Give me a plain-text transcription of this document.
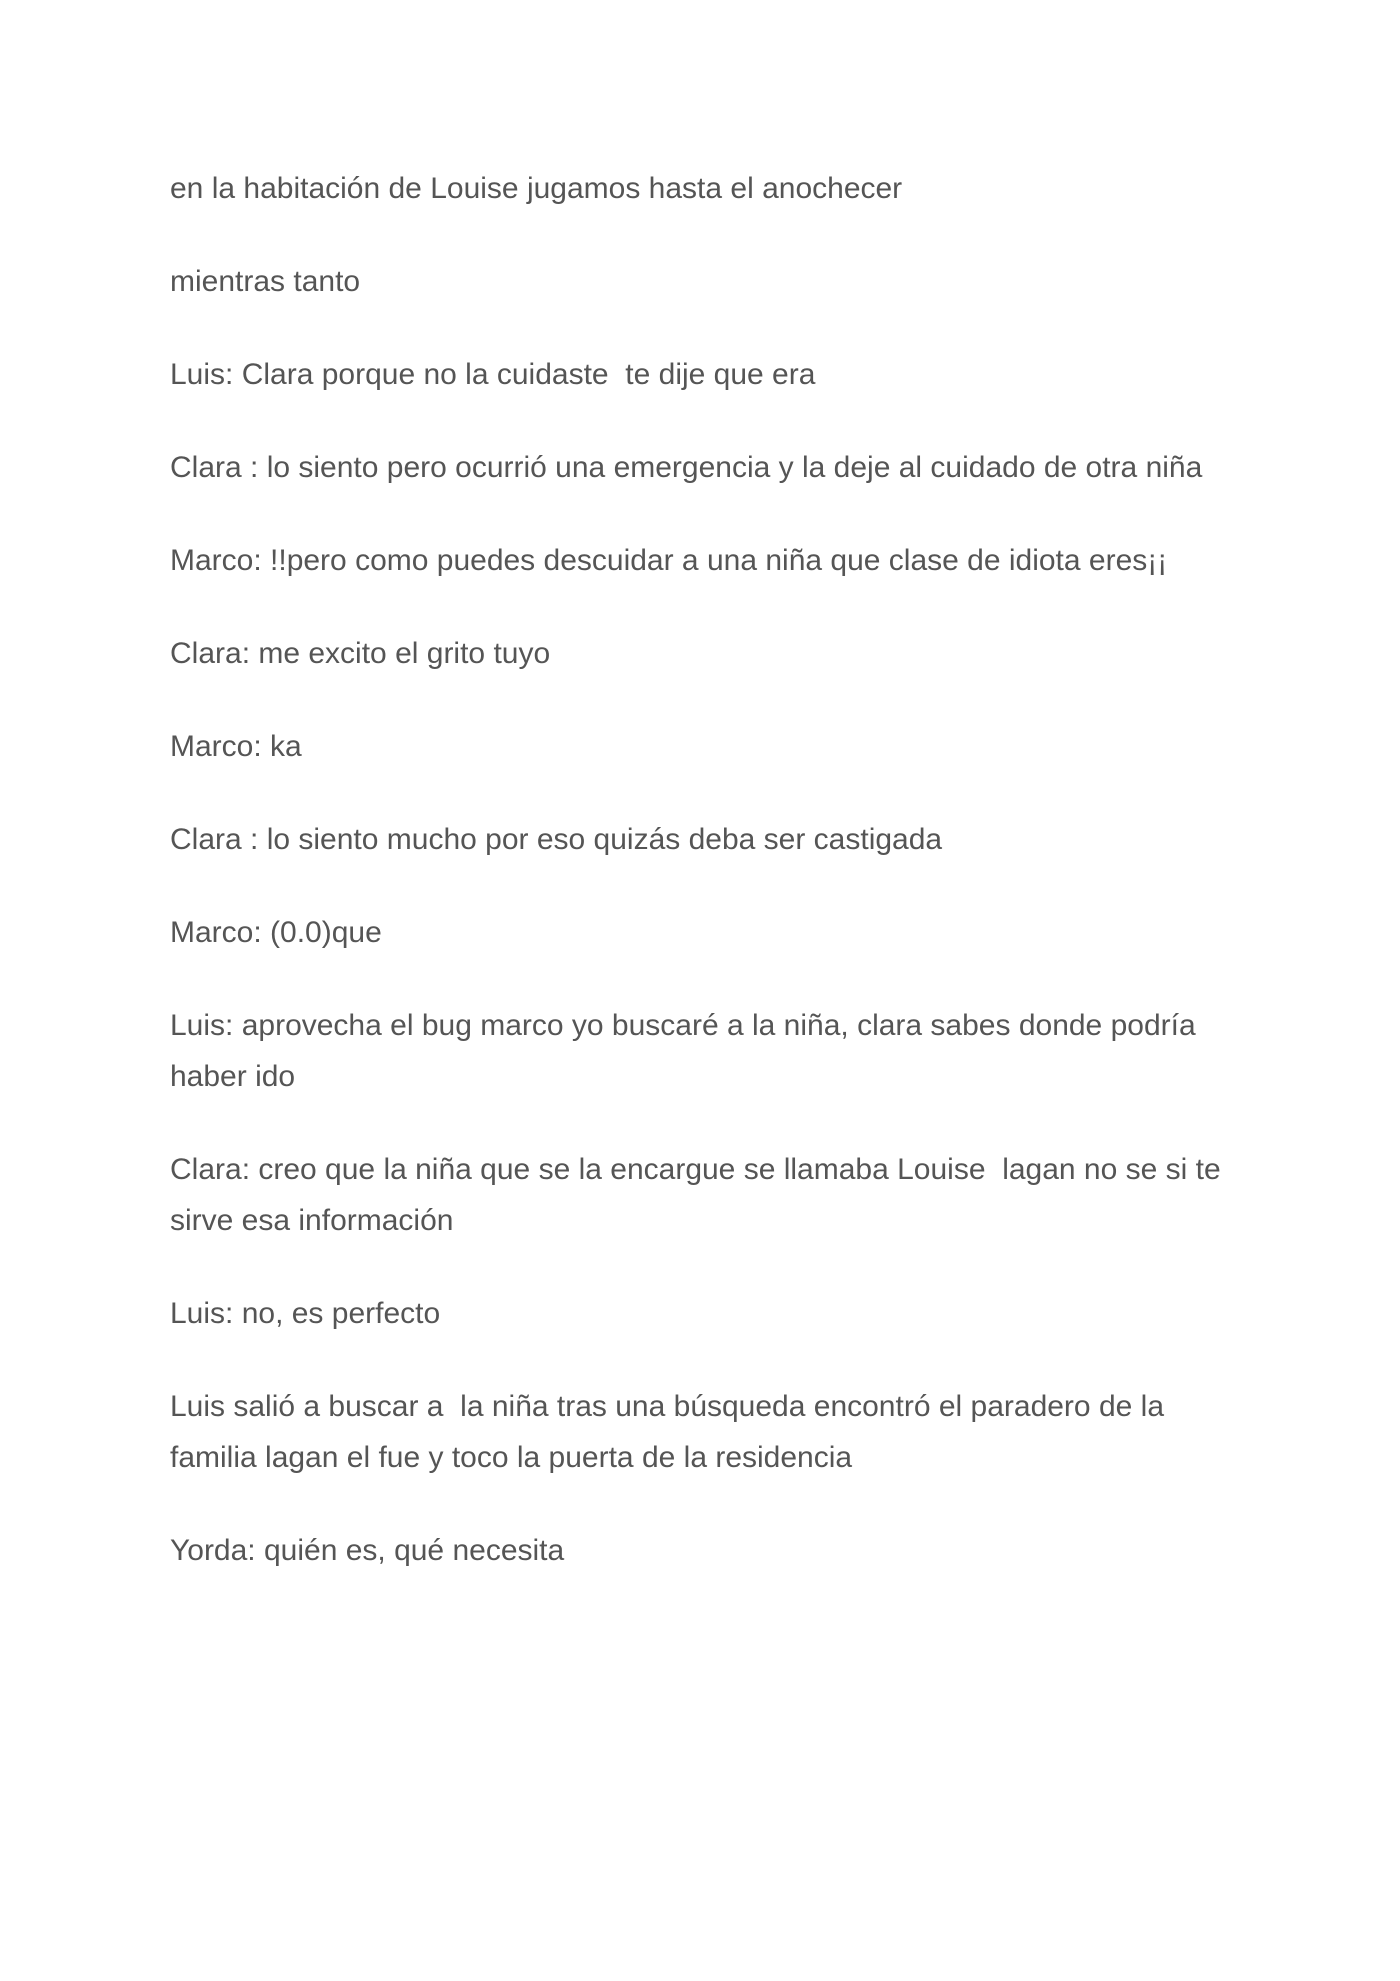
en la habitación de Louise jugamos hasta el anochecer

mientras tanto

Luis: Clara porque no la cuidaste  te dije que era

Clara : lo siento pero ocurrió una emergencia y la deje al cuidado de otra niña

Marco: !!pero como puedes descuidar a una niña que clase de idiota eres¡¡

Clara: me excito el grito tuyo

Marco: ka

Clara : lo siento mucho por eso quizás deba ser castigada

Marco: (0.0)que

Luis: aprovecha el bug marco yo buscaré a la niña, clara sabes donde podría haber ido

Clara: creo que la niña que se la encargue se llamaba Louise  lagan no se si te sirve esa información

Luis: no, es perfecto

Luis salió a buscar a  la niña tras una búsqueda encontró el paradero de la familia lagan el fue y toco la puerta de la residencia

Yorda: quién es, qué necesita
